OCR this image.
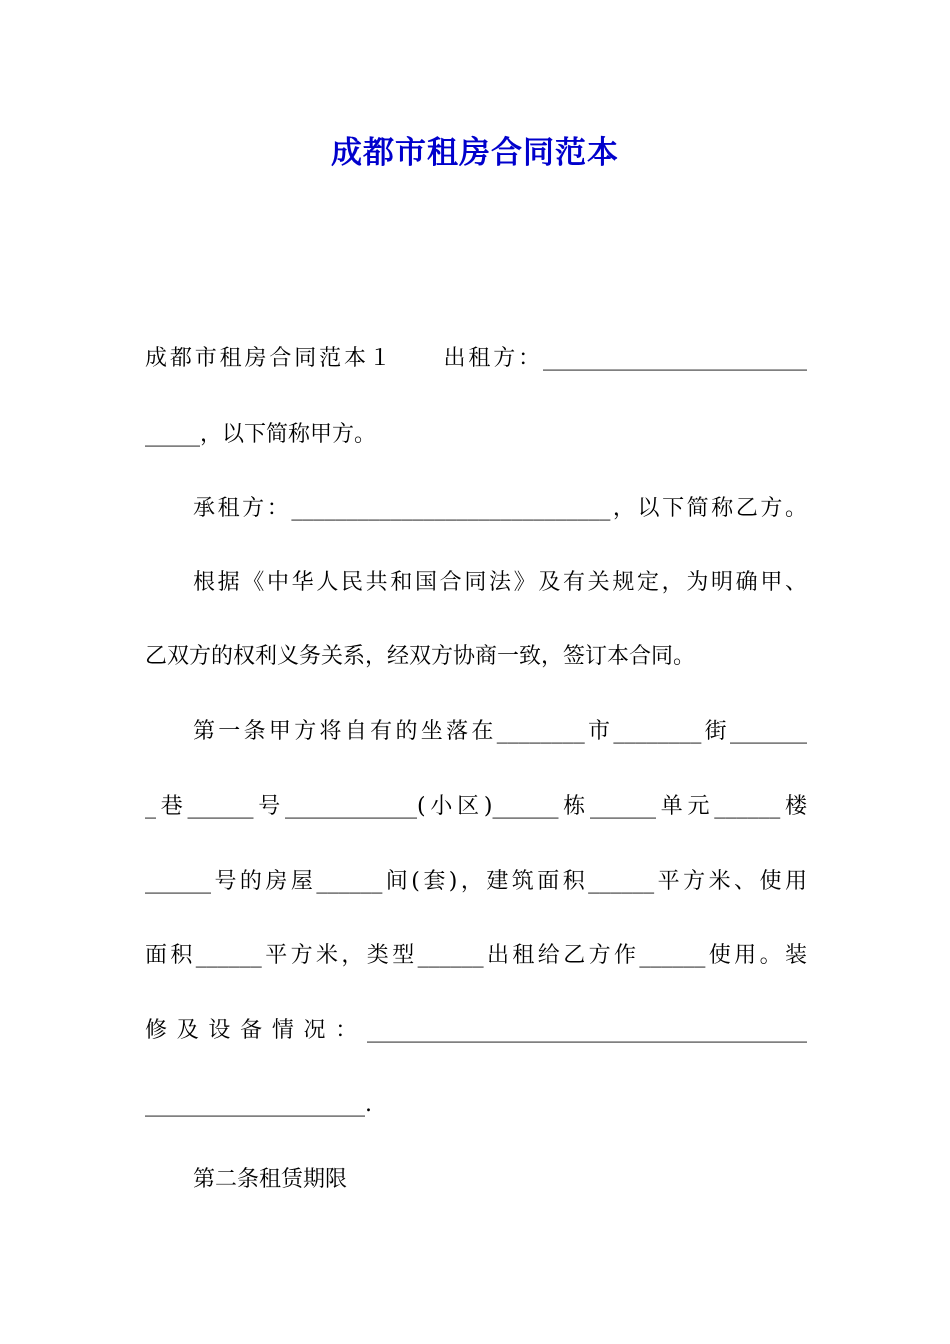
成都市租房合同范本
成都市租房合同范本１　　出租方：________________________
_____，以下简称甲方。
承租方：_____________________________，以下简称乙方。
根据《中华人民共和国合同法》及有关规定，为明确甲、
乙双方的权利义务关系，经双方协商一致，签订本合同。
第一条甲方将自有的坐落在________市________街_______
_巷______号____________(小区)______栋______单元______楼
______号的房屋______间(套)，建筑面积______平方米、使用
面积______平方米，类型______出租给乙方作______使用。装
修及设备情况：________________________________________
____________________.
第二条租赁期限
